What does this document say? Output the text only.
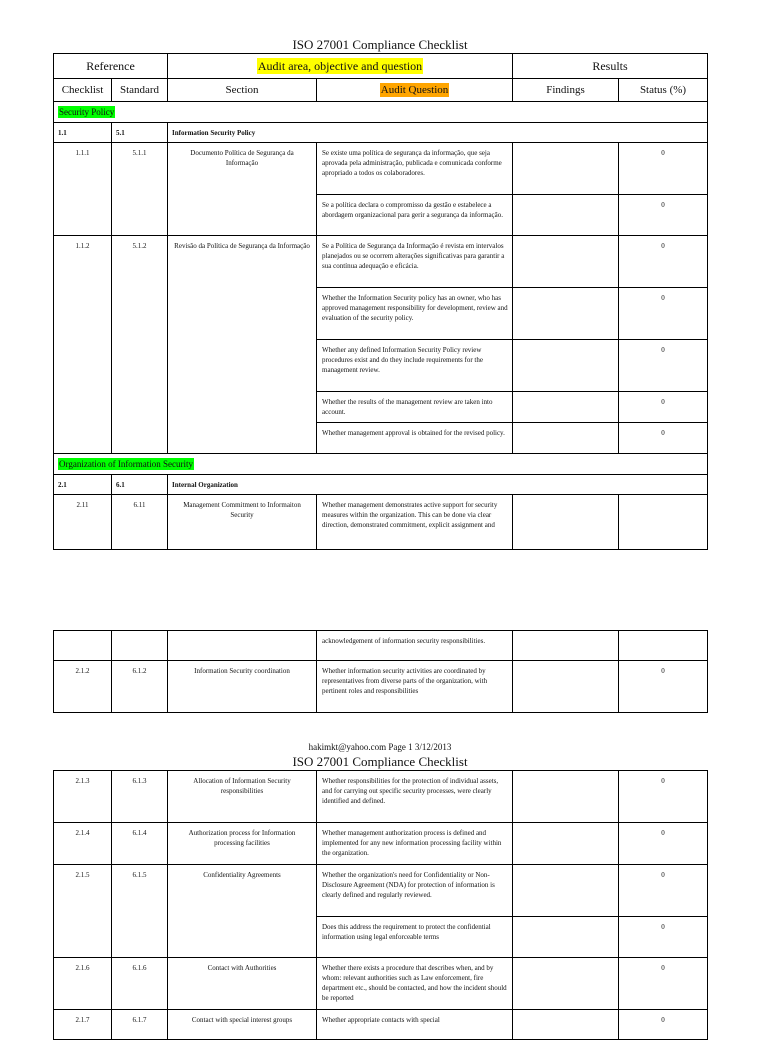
ISO 27001 Compliance Checklist
Reference		Audit area, objective and question		Results	
Checklist	Standard	Section	Audit Question	Findings	Status (%)
Security Policy					
1.1	5.1	Information Security Policy			
1.1.1	5.1.1	Documento Política de Segurança da Informação	Se existe uma política de segurança da informação, que seja aprovada pela administração, publicada e comunicada conforme apropriado a todos os colaboradores.		0
			Se a política declara o compromisso da gestão e estabelece a abordagem organizacional para gerir a segurança da informação.		0
1.1.2	5.1.2	Revisão da Política de Segurança da Informação	Se a Política de Segurança da Informação é revista em intervalos planejados ou se ocorrem alterações significativas para garantir a sua contínua adequação e eficácia.		0
			Whether the Information Security policy has an owner, who has approved management responsibility for development, review and evaluation of the security policy.		0
			Whether any defined Information Security Policy review procedures exist and do they include requirements for the management review.		0
			Whether the results of the management review are taken into account.		0
			Whether management approval is obtained for the revised policy.		0
Organization of Information Security					
2.1	6.1	Internal Organization			
2.11	6.11	Management Commitment to Informaiton Security	Whether management demonstrates active support for security measures within the organization. This can be done via clear direction, demonstrated commitment, explicit assignment and		
			acknowledgement of information security responsibilities.		
2.1.2	6.1.2	Information Security coordination	Whether information security activities are coordinated by representatives from diverse parts of the organization, with pertinent roles and responsibilities		0
hakimkt@yahoo.com Page 1 3/12/2013
ISO 27001 Compliance Checklist
2.1.3	6.1.3	Allocation of Information Security responsibilities	Whether responsibilities for the protection of individual assets, and for carrying out specific security processes, were clearly identified and defined.		0
2.1.4	6.1.4	Authorization process for Information processing facilities	Whether management authorization process is defined and implemented for any new information processing facility within the organization.		0
2.1.5	6.1.5	Confidentiality Agreements	Whether the organization's need for Confidentiality or Non-Disclosure Agreement (NDA) for protection of information is clearly defined and regularly reviewed.		0
			Does this address the requirement to protect the confidential information using legal enforceable terms		0
2.1.6	6.1.6	Contact with Authorities	Whether there exists a procedure that describes when, and by whom: relevant authorities such as Law enforcement, fire department etc., should be contacted, and how the incident should be reported		0
2.1.7	6.1.7	Contact with special interest groups	Whether appropriate contacts with special		0
